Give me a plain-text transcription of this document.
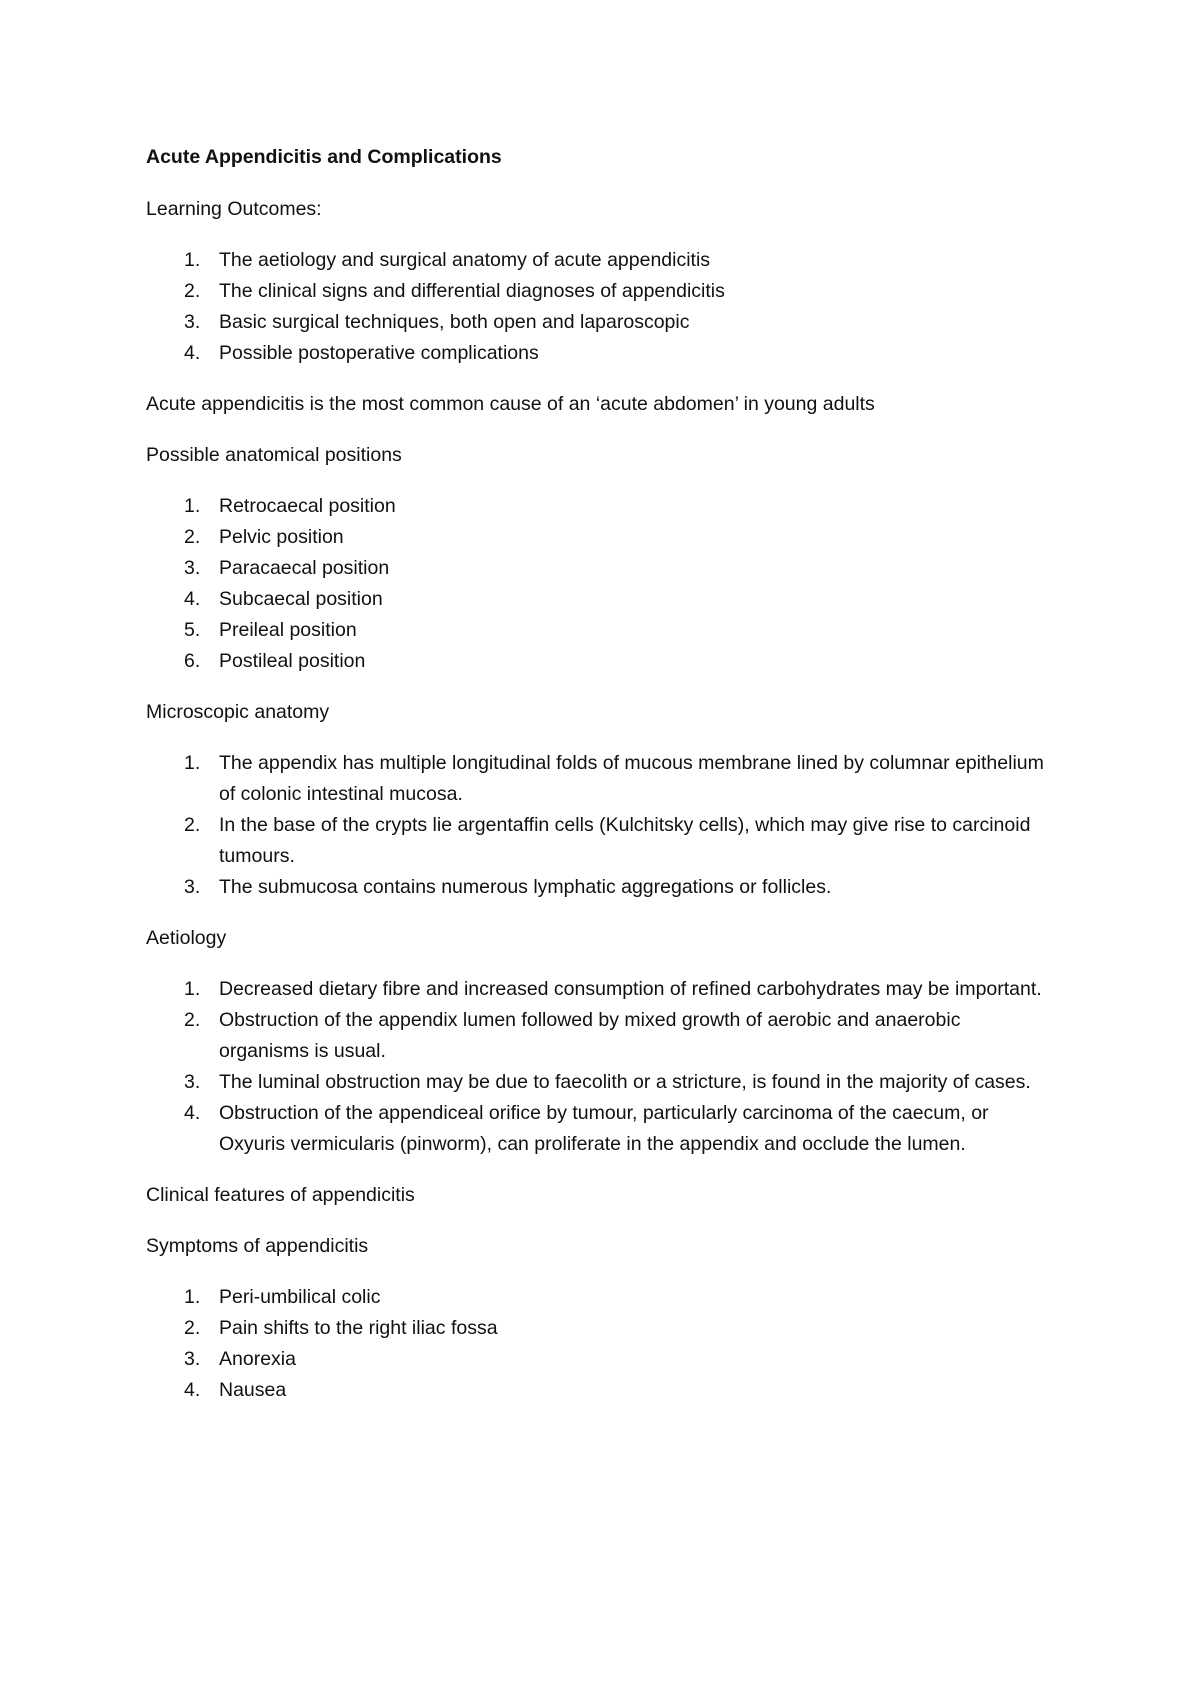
Acute Appendicitis and Complications
Learning Outcomes:
1. The aetiology and surgical anatomy of acute appendicitis
2. The clinical signs and differential diagnoses of appendicitis
3. Basic surgical techniques, both open and laparoscopic
4. Possible postoperative complications
Acute appendicitis is the most common cause of an ‘acute abdomen’ in young adults
Possible anatomical positions
1. Retrocaecal position
2. Pelvic position
3. Paracaecal position
4. Subcaecal position
5. Preileal position
6. Postileal position
Microscopic anatomy
1. The appendix has multiple longitudinal folds of mucous membrane lined by columnar epithelium of colonic intestinal mucosa.
2. In the base of the crypts lie argentaffin cells (Kulchitsky cells), which may give rise to carcinoid tumours.
3. The submucosa contains numerous lymphatic aggregations or follicles.
Aetiology
1. Decreased dietary fibre and increased consumption of refined carbohydrates may be important.
2. Obstruction of the appendix lumen followed by mixed growth of aerobic and anaerobic organisms is usual.
3. The luminal obstruction may be due to faecolith or a stricture, is found in the majority of cases.
4. Obstruction of the appendiceal orifice by tumour, particularly carcinoma of the caecum, or Oxyuris vermicularis (pinworm), can proliferate in the appendix and occlude the lumen.
Clinical features of appendicitis
Symptoms of appendicitis
1. Peri-umbilical colic
2. Pain shifts to the right iliac fossa
3. Anorexia
4. Nausea
